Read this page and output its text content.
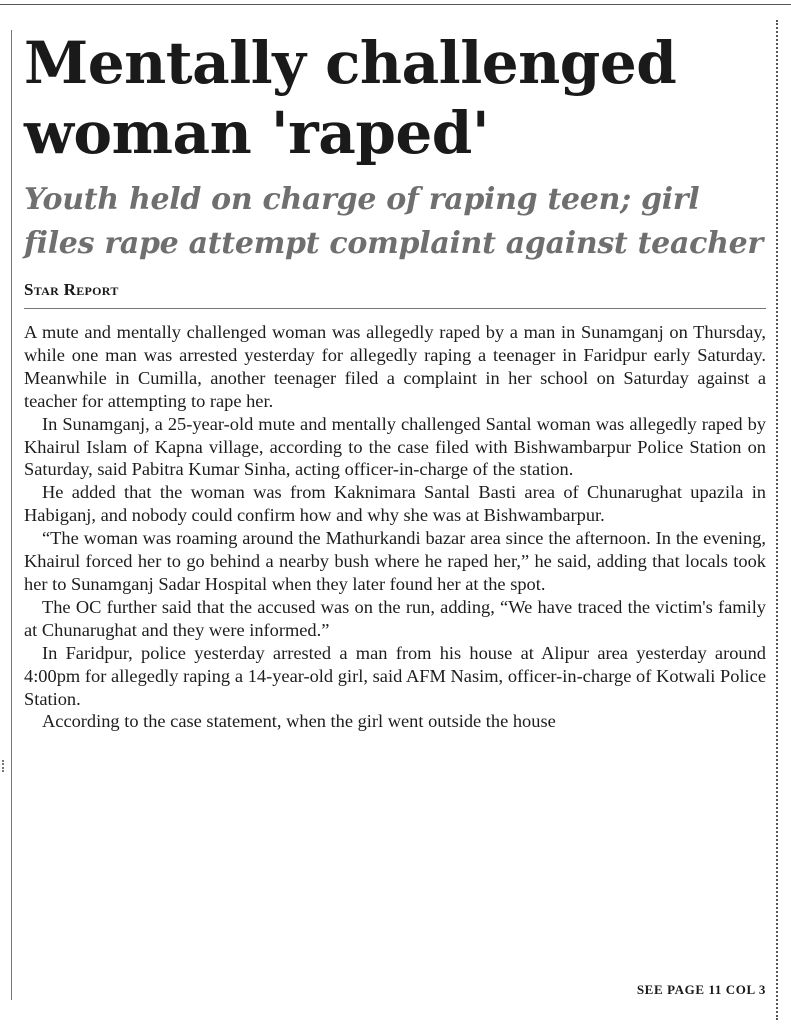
Mentally challenged woman 'raped'
Youth held on charge of raping teen; girl files rape attempt complaint against teacher
Star Report

A mute and mentally challenged woman was allegedly raped by a man in Sunamganj on Thursday, while one man was arrested yesterday for allegedly raping a teenager in Faridpur early Saturday. Meanwhile in Cumilla, another teenager filed a complaint in her school on Saturday against a teacher for attempting to rape her.

In Sunamganj, a 25-year-old mute and mentally challenged Santal woman was allegedly raped by Khairul Islam of Kapna village, according to the case filed with Bishwambarpur Police Station on Saturday, said Pabitra Kumar Sinha, acting officer-in-charge of the station.

He added that the woman was from Kaknimara Santal Basti area of Chunarughat upazila in Habiganj, and nobody could confirm how and why she was at Bishwambarpur.

“The woman was roaming around the Mathurkandi bazar area since the afternoon. In the evening, Khairul forced her to go behind a nearby bush where he raped her,” he said, adding that locals took her to Sunamganj Sadar Hospital when they later found her at the spot.

The OC further said that the accused was on the run, adding, “We have traced the victim's family at Chunarughat and they were informed.”

In Faridpur, police yesterday arrested a man from his house at Alipur area yesterday around 4:00pm for allegedly raping a 14-year-old girl, said AFM Nasim, officer-in-charge of Kotwali Police Station.

According to the case statement, when the girl went outside the house

SEE PAGE 11 COL 3
